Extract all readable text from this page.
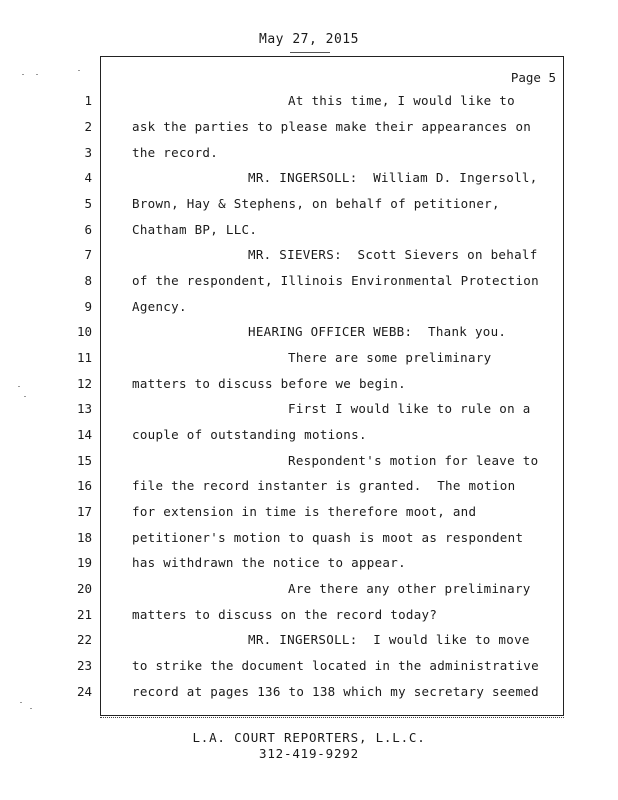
May 27, 2015
Page 5
1	At this time, I would like to
2	ask the parties to please make their appearances on
3	the record.
4	MR. INGERSOLL:  William D. Ingersoll,
5	Brown, Hay & Stephens, on behalf of petitioner,
6	Chatham BP, LLC.
7	MR. SIEVERS:  Scott Sievers on behalf
8	of the respondent, Illinois Environmental Protection
9	Agency.
10	HEARING OFFICER WEBB:  Thank you.
11	There are some preliminary
12	matters to discuss before we begin.
13	First I would like to rule on a
14	couple of outstanding motions.
15	Respondent's motion for leave to
16	file the record instanter is granted.  The motion
17	for extension in time is therefore moot, and
18	petitioner's motion to quash is moot as respondent
19	has withdrawn the notice to appear.
20	Are there any other preliminary
21	matters to discuss on the record today?
22	MR. INGERSOLL:  I would like to move
23	to strike the document located in the administrative
24	record at pages 136 to 138 which my secretary seemed
L.A. COURT REPORTERS, L.L.C.
312-419-9292
